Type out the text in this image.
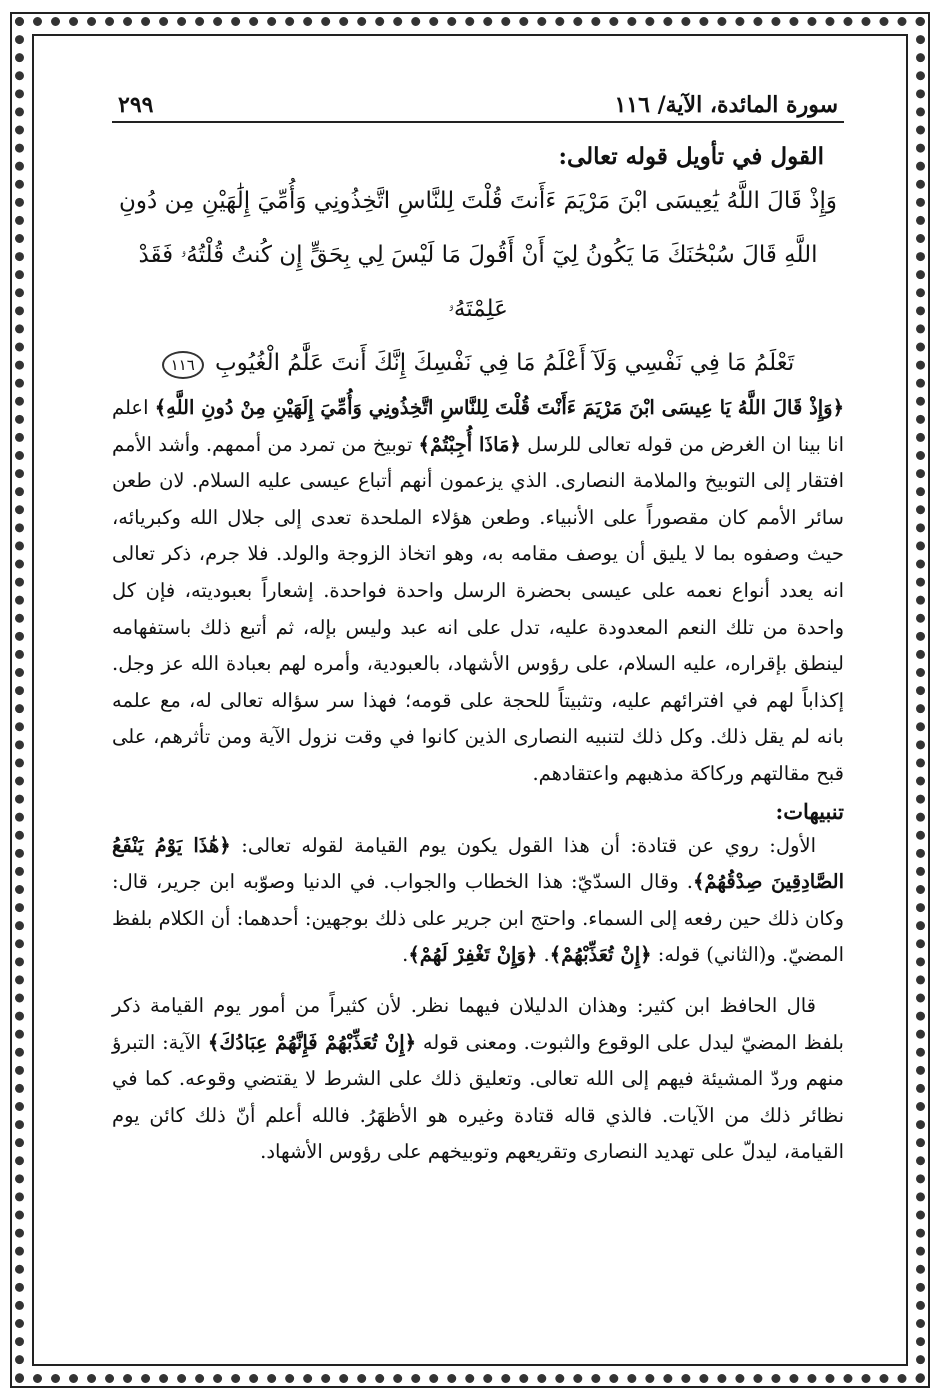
سورة المائدة، الآية/ ١١٦
٢٩٩
القول في تأويل قوله تعالى:
وَإِذْ قَالَ اللَّهُ يَٰعِيسَى ابْنَ مَرْيَمَ ءَأَنتَ قُلْتَ لِلنَّاسِ اتَّخِذُونِي وَأُمِّيَ إِلَٰهَيْنِ مِن دُونِ
اللَّهِ قَالَ سُبْحَٰنَكَ مَا يَكُونُ لِيٓ أَنْ أَقُولَ مَا لَيْسَ لِي بِحَقٍّ إِن كُنتُ قُلْتُهُۥ فَقَدْ عَلِمْتَهُۥ
تَعْلَمُ مَا فِي نَفْسِي وَلَآ أَعْلَمُ مَا فِي نَفْسِكَ إِنَّكَ أَنتَ عَلَّٰمُ الْغُيُوبِ ١١٦

﴿وَإِذْ قَالَ اللَّهُ يَا عِيسَى ابْنَ مَرْيَمَ ءَأَنْتَ قُلْتَ لِلنَّاسِ اتَّخِذُونِي وَأُمِّيَ إِلَهَيْنِ مِنْ دُونِ اللَّهِ﴾ اعلم انا بينا ان الغرض من قوله تعالى للرسل ﴿مَاذَا أُجِبْتُمْ﴾ توبيخ من تمرد من أممهم. وأشد الأمم افتقار إلى التوبيخ والملامة النصارى. الذي يزعمون أنهم أتباع عيسى عليه السلام. لان طعن سائر الأمم كان مقصوراً على الأنبياء. وطعن هؤلاء الملحدة تعدى إلى جلال الله وكبريائه، حيث وصفوه بما لا يليق أن يوصف مقامه به، وهو اتخاذ الزوجة والولد. فلا جرم، ذكر تعالى انه يعدد أنواع نعمه على عيسى بحضرة الرسل واحدة فواحدة. إشعاراً بعبوديته، فإن كل واحدة من تلك النعم المعدودة عليه، تدل على انه عبد وليس بإله، ثم أتبع ذلك باستفهامه لينطق بإقراره، عليه السلام، على رؤوس الأشهاد، بالعبودية، وأمره لهم بعبادة الله عز وجل. إكذاباً لهم في افترائهم عليه، وتثبيتاً للحجة على قومه؛ فهذا سر سؤاله تعالى له، مع علمه بانه لم يقل ذلك. وكل ذلك لتنبيه النصارى الذين كانوا في وقت نزول الآية ومن تأثرهم، على قبح مقالتهم وركاكة مذهبهم واعتقادهم.

تنبيهات:

الأول: روي عن قتادة: أن هذا القول يكون يوم القيامة لقوله تعالى: ﴿هَٰذَا يَوْمُ يَنْفَعُ الصَّادِقِينَ صِدْقُهُمْ﴾. وقال السدّيّ: هذا الخطاب والجواب. في الدنيا وصوّبه ابن جرير، قال: وكان ذلك حين رفعه إلى السماء. واحتج ابن جرير على ذلك بوجهين: أحدهما: أن الكلام بلفظ المضيّ. و(الثاني) قوله: ﴿إِنْ تُعَذِّبْهُمْ﴾. ﴿وَإِنْ تَغْفِرْ لَهُمْ﴾.

قال الحافظ ابن كثير: وهذان الدليلان فيهما نظر. لأن كثيراً من أمور يوم القيامة ذكر بلفظ المضيّ ليدل على الوقوع والثبوت. ومعنى قوله ﴿إِنْ تُعَذِّبْهُمْ فَإِنَّهُمْ عِبَادُكَ﴾ الآية: التبرؤ منهم وردّ المشيئة فيهم إلى الله تعالى. وتعليق ذلك على الشرط لا يقتضي وقوعه. كما في نظائر ذلك من الآيات. فالذي قاله قتادة وغيره هو الأظهَرُ. فالله أعلم أنّ ذلك كائن يوم القيامة، ليدلّ على تهديد النصارى وتقريعهم وتوبيخهم على رؤوس الأشهاد.
